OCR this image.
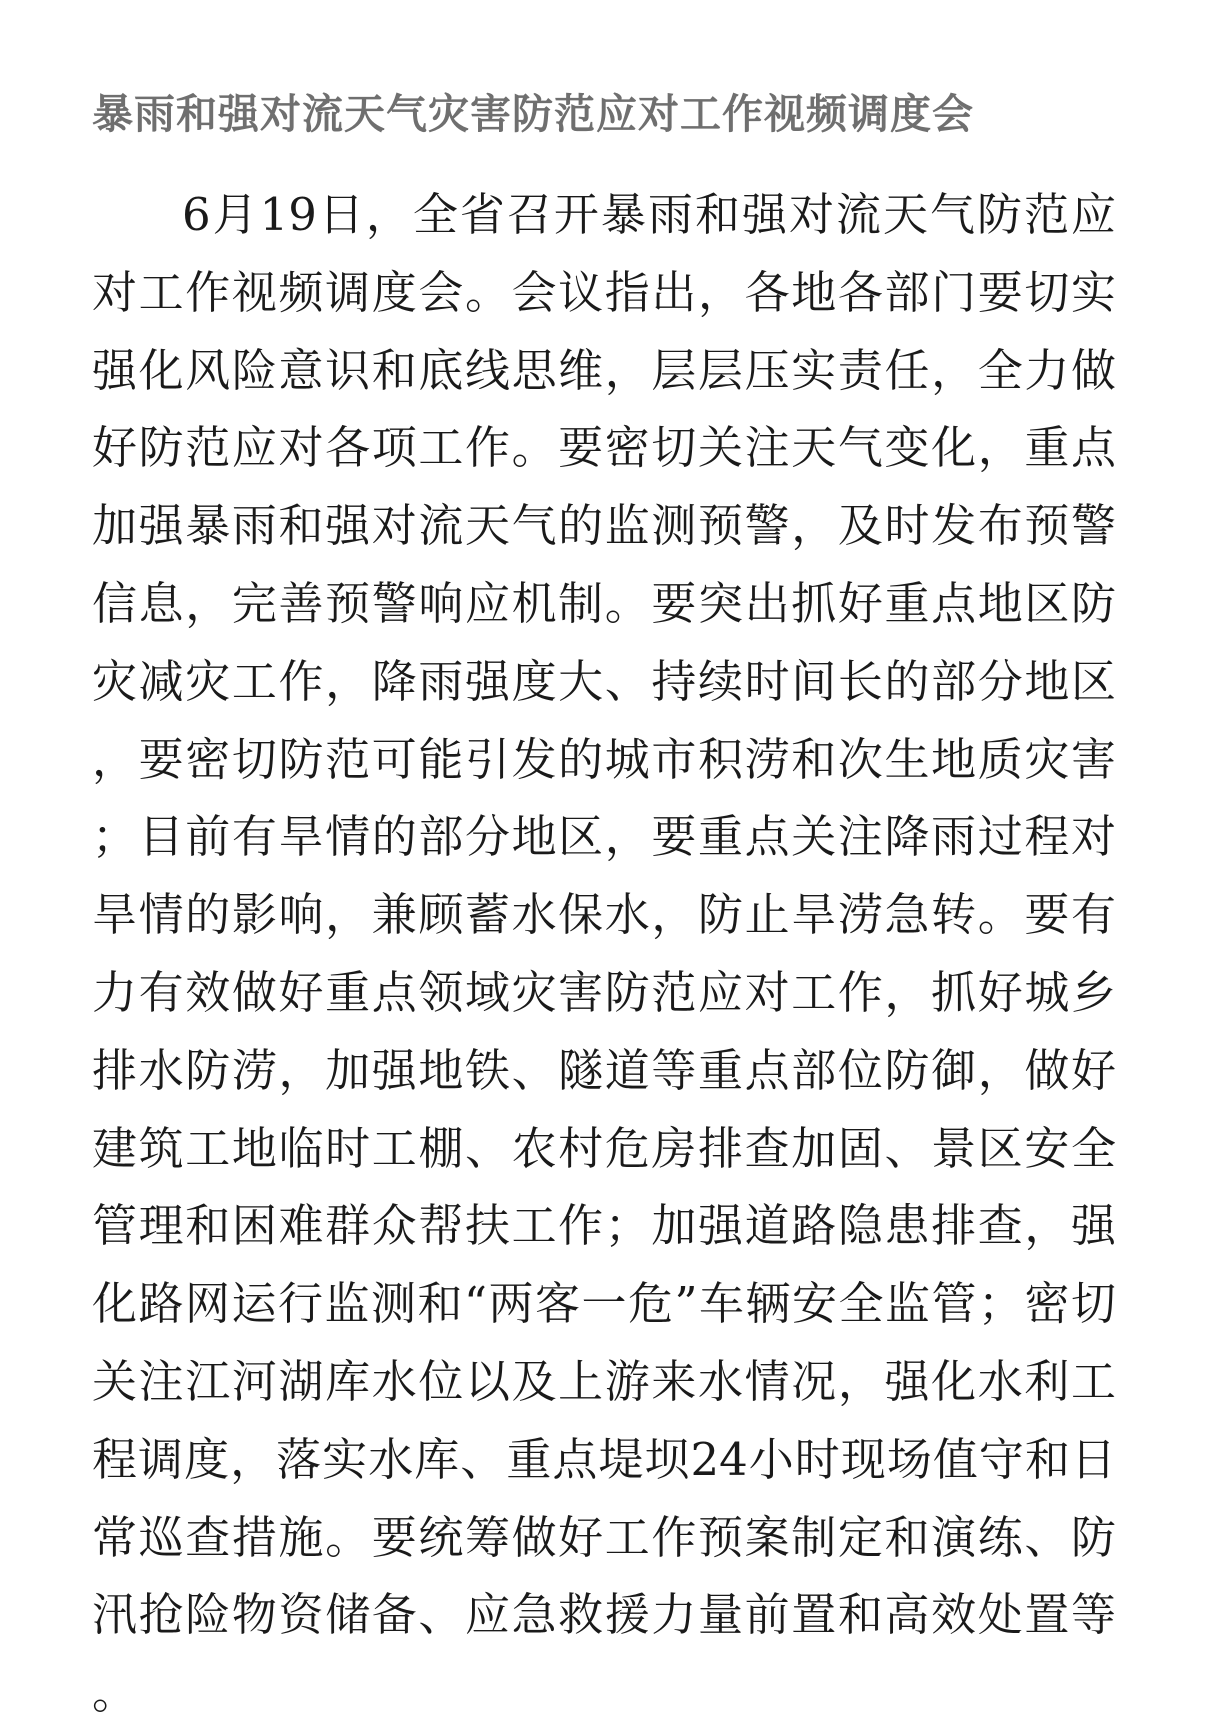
暴雨和强对流天气灾害防范应对工作视频调度会

6月19日，全省召开暴雨和强对流天气防范应对工作视频调度会。会议指出，各地各部门要切实强化风险意识和底线思维，层层压实责任，全力做好防范应对各项工作。要密切关注天气变化，重点加强暴雨和强对流天气的监测预警，及时发布预警信息，完善预警响应机制。要突出抓好重点地区防灾减灾工作，降雨强度大、持续时间长的部分地区，要密切防范可能引发的城市积涝和次生地质灾害；目前有旱情的部分地区，要重点关注降雨过程对旱情的影响，兼顾蓄水保水，防止旱涝急转。要有力有效做好重点领域灾害防范应对工作，抓好城乡排水防涝，加强地铁、隧道等重点部位防御，做好建筑工地临时工棚、农村危房排查加固、景区安全管理和困难群众帮扶工作；加强道路隐患排查，强化路网运行监测和“两客一危”车辆安全监管；密切关注江河湖库水位以及上游来水情况，强化水利工程调度，落实水库、重点堤坝24小时现场值守和日常巡查措施。要统筹做好工作预案制定和演练、防汛抢险物资储备、应急救援力量前置和高效处置等。
